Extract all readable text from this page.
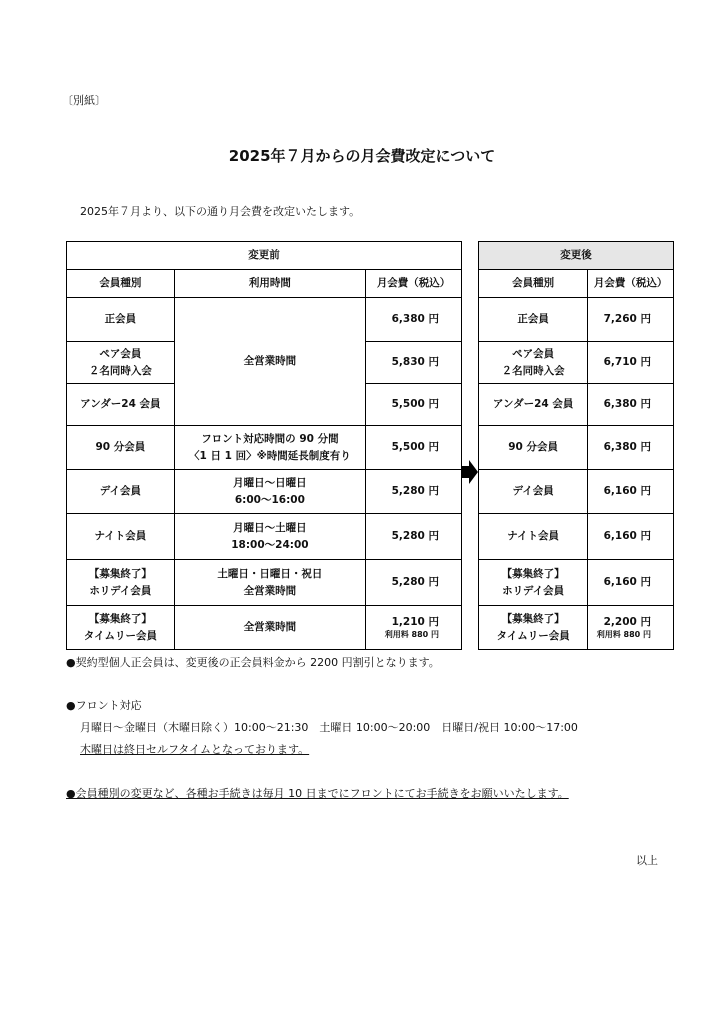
〔別紙〕
2025年７月からの月会費改定について
2025年７月より、以下の通り月会費を改定いたします。
変更前		
会員種別	利用時間	月会費（税込）
正会員	全営業時間	6,380 円
ペア会員
２名同時入会		5,830 円
アンダー24 会員		5,500 円
90 分会員	フロント対応時間の 90 分間
〈1 日 1 回〉※時間延長制度有り	5,500 円
デイ会員	月曜日～日曜日
6:00～16:00	5,280 円
ナイト会員	月曜日～土曜日
18:00～24:00	5,280 円
【募集終了】
ホリデイ会員	土曜日・日曜日・祝日
全営業時間	5,280 円
【募集終了】
タイムリー会員	全営業時間	1,210 円
利用料 880 円
変更後	
会員種別	月会費（税込）
正会員	7,260 円
ペア会員
２名同時入会	6,710 円
アンダー24 会員	6,380 円
90 分会員	6,380 円
デイ会員	6,160 円
ナイト会員	6,160 円
【募集終了】
ホリデイ会員	6,160 円
【募集終了】
タイムリー会員	2,200 円
利用料 880 円
●契約型個人正会員は、変更後の正会員料金から 2200 円割引となります。
●フロント対応
月曜日～金曜日（木曜日除く）10:00～21:30　土曜日 10:00～20:00　日曜日/祝日 10:00～17:00
木曜日は終日セルフタイムとなっております。
●会員種別の変更など、各種お手続きは毎月 10 日までにフロントにてお手続きをお願いいたします。
以上
